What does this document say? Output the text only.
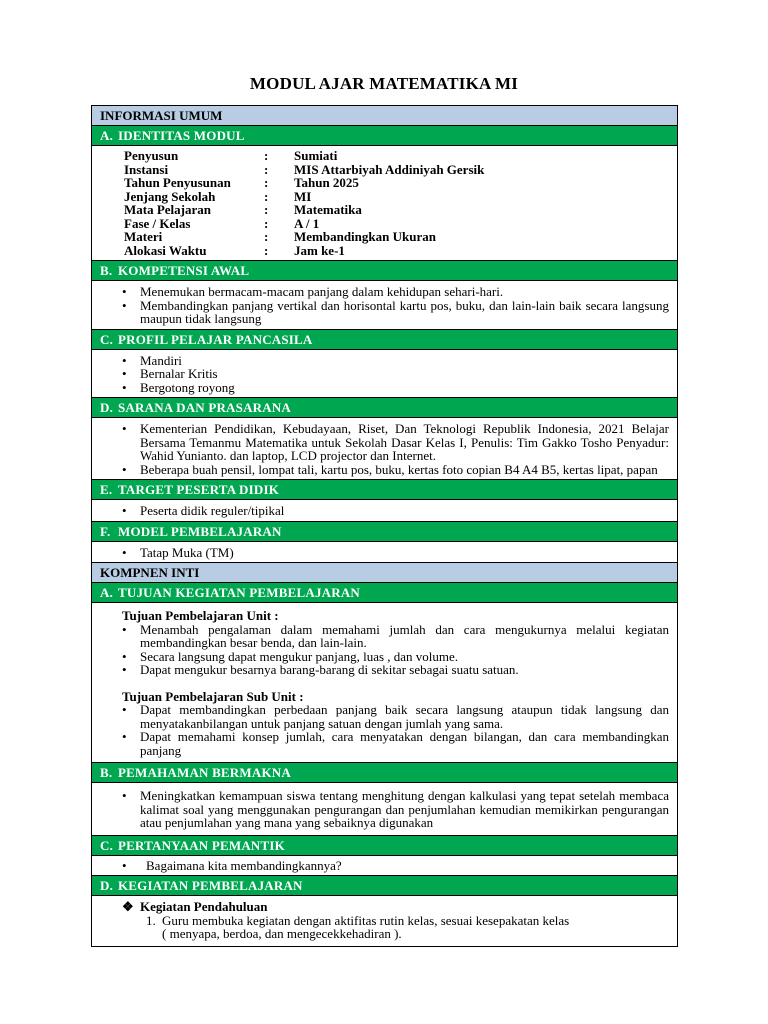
MODUL AJAR MATEMATIKA MI
INFORMASI UMUM
A. IDENTITAS MODUL
Penyusun	:	Sumiati
Instansi	:	MIS Attarbiyah Addiniyah Gersik
Tahun Penyusunan	:	Tahun 2025
Jenjang Sekolah	:	MI
Mata Pelajaran	:	Matematika
Fase / Kelas	:	A / 1
Materi	:	Membandingkan Ukuran
Alokasi Waktu	:	Jam ke-1
B. KOMPETENSI AWAL
• Menemukan bermacam-macam panjang dalam kehidupan sehari-hari.
• Membandingkan panjang vertikal dan horisontal kartu pos, buku, dan lain-lain baik secara langsung maupun tidak langsung
C. PROFIL PELAJAR PANCASILA
• Mandiri
• Bernalar Kritis
• Bergotong royong
D. SARANA DAN PRASARANA
• Kementerian Pendidikan, Kebudayaan, Riset, Dan Teknologi Republik Indonesia, 2021 Belajar Bersama Temanmu Matematika untuk Sekolah Dasar Kelas I, Penulis: Tim Gakko Tosho Penyadur: Wahid Yunianto. dan laptop, LCD projector dan Internet.
• Beberapa buah pensil, lompat tali, kartu pos, buku, kertas foto copian B4 A4 B5, kertas lipat, papan
E. TARGET PESERTA DIDIK
• Peserta didik reguler/tipikal
F. MODEL PEMBELAJARAN
• Tatap Muka (TM)
KOMPNEN INTI
A. TUJUAN KEGIATAN PEMBELAJARAN
Tujuan Pembelajaran Unit :
• Menambah pengalaman dalam memahami jumlah dan cara mengukurnya melalui kegiatan membandingkan besar benda, dan lain-lain.
• Secara langsung dapat mengukur panjang, luas , dan volume.
• Dapat mengukur besarnya barang-barang di sekitar sebagai suatu satuan.
Tujuan Pembelajaran Sub Unit :
• Dapat membandingkan perbedaan panjang baik secara langsung ataupun tidak langsung dan menyatakanbilangan untuk panjang satuan dengan jumlah yang sama.
• Dapat memahami konsep jumlah, cara menyatakan dengan bilangan, dan cara membandingkan panjang
B. PEMAHAMAN BERMAKNA
• Meningkatkan kemampuan siswa tentang menghitung dengan kalkulasi yang tepat setelah membaca kalimat soal yang menggunakan pengurangan dan penjumlahan kemudian memikirkan pengurangan atau penjumlahan yang mana yang sebaiknya digunakan
C. PERTANYAAN PEMANTIK
• Bagaimana kita membandingkannya?
D. KEGIATAN PEMBELAJARAN
❖ Kegiatan Pendahuluan
1. Guru membuka kegiatan dengan aktifitas rutin kelas, sesuai kesepakatan kelas
( menyapa, berdoa, dan mengecekkehadiran ).
